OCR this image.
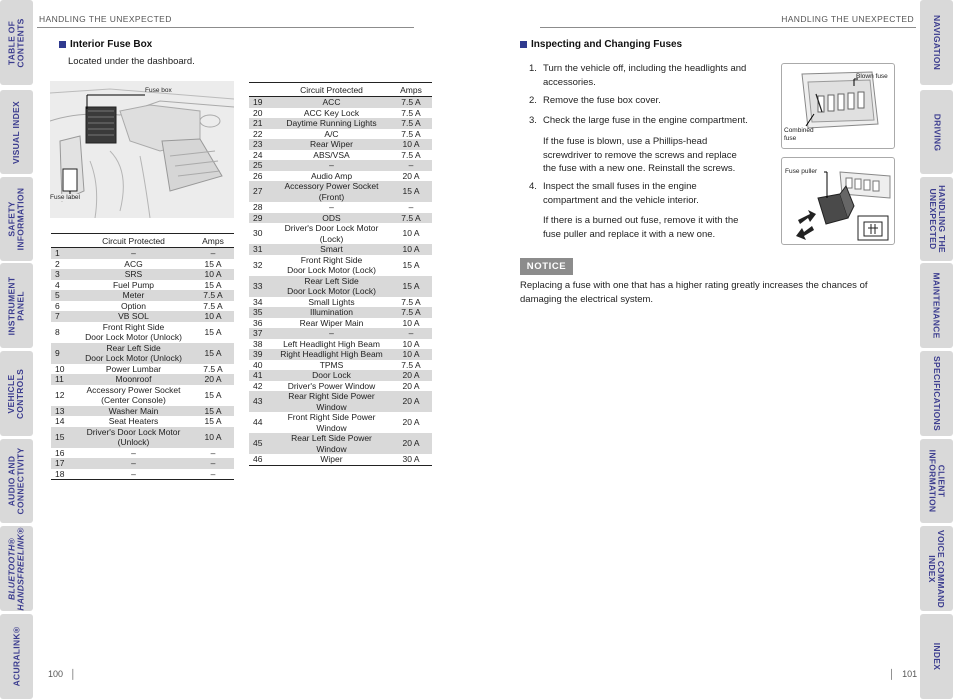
TABLE OF
CONTENTS
VISUAL INDEX
SAFETY
INFORMATION
INSTRUMENT
PANEL
VEHICLE
CONTROLS
AUDIO AND
CONNECTIVITY
BLUETOOTH®
HANDSFREELINK®
ACURALINK®
NAVIGATION
DRIVING
HANDLING THE
UNEXPECTED
MAINTENANCE
SPECIFICATIONS
CLIENT
INFORMATION
VOICE COMMAND
INDEX
INDEX
HANDLING THE UNEXPECTED	HANDLING THE UNEXPECTED
Interior Fuse Box
Located under the dashboard.
Fuse box
Fuse label
	Circuit Protected	Amps
1	–	–
2	ACG	15 A
3	SRS	10 A
4	Fuel Pump	15 A
5	Meter	7.5 A
6	Option	7.5 A
7	VB SOL	10 A
8	Front Right Side
Door Lock Motor (Unlock)	15 A
9	Rear Left Side
Door Lock Motor (Unlock)	15 A
10	Power Lumbar	7.5 A
11	Moonroof	20 A
12	Accessory Power Socket
(Center Console)	15 A
13	Washer Main	15 A
14	Seat Heaters	15 A
15	Driver's Door Lock Motor
(Unlock)	10 A
16	–	–
17	–	–
18	–	–
	Circuit Protected	Amps
19	ACC	7.5 A
20	ACC Key Lock	7.5 A
21	Daytime Running Lights	7.5 A
22	A/C	7.5 A
23	Rear Wiper	10 A
24	ABS/VSA	7.5 A
25	–	–
26	Audio Amp	20 A
27	Accessory Power Socket
(Front)	15 A
28	–	–
29	ODS	7.5 A
30	Driver's Door Lock Motor
(Lock)	10 A
31	Smart	10 A
32	Front Right Side
Door Lock Motor (Lock)	15 A
33	Rear Left Side
Door Lock Motor (Lock)	15 A
34	Small Lights	7.5 A
35	Illumination	7.5 A
36	Rear Wiper Main	10 A
37	–	–
38	Left Headlight High Beam	10 A
39	Right Headlight High Beam	10 A
40	TPMS	7.5 A
41	Door Lock	20 A
42	Driver's Power Window	20 A
43	Rear Right Side Power
Window	20 A
44	Front Right Side Power
Window	20 A
45	Rear Left Side Power
Window	20 A
46	Wiper	30 A
Inspecting and Changing Fuses
1. Turn the vehicle off, including the headlights and
accessories.
2. Remove the fuse box cover.
3. Check the large fuse in the engine compartment.
If the fuse is blown, use a Phillips-head
screwdriver to remove the screws and replace
the fuse with a new one. Reinstall the screws.
4. Inspect the small fuses in the engine
compartment and the vehicle interior.
If there is a burned out fuse, remove it with the
fuse puller and replace it with a new one.
Blown fuse
Combined
fuse
Fuse puller
NOTICE
Replacing a fuse with one that has a higher rating greatly increases the chances of
damaging the electrical system.
100   │	│   101
